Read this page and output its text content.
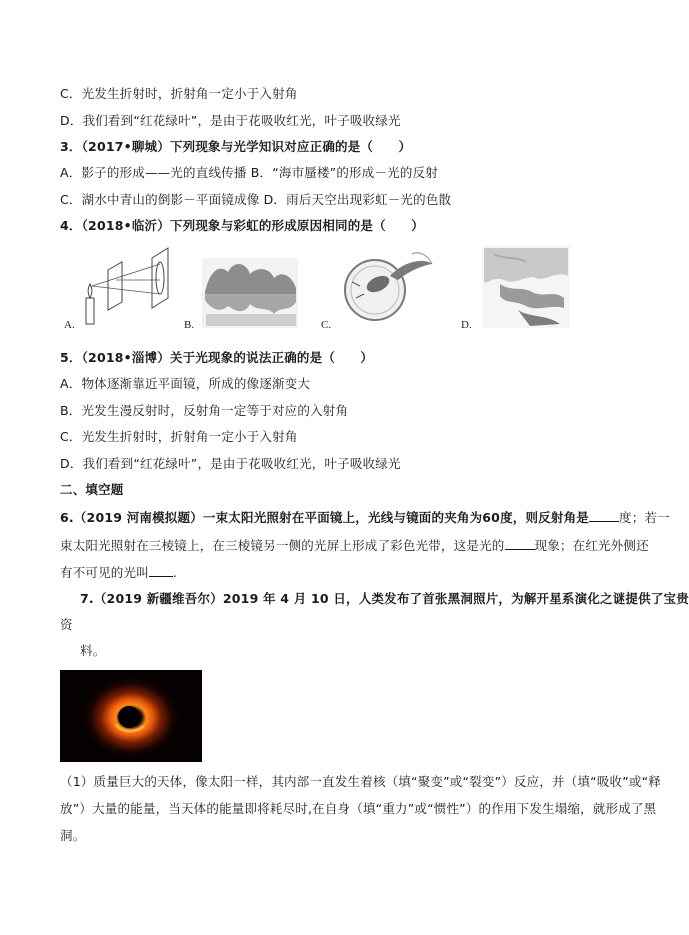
C．光发生折射时，折射角一定小于入射角
D．我们看到“红花绿叶”，是由于花吸收红光，叶子吸收绿光
3．（2017•聊城）下列现象与光学知识对应正确的是（　　）
A．影子的形成——光的直线传播 B．“海市蜃楼”的形成－光的反射
C．湖水中青山的倒影－平面镜成像 D．雨后天空出现彩虹－光的色散
4．（2018•临沂）下列现象与彩虹的形成原因相同的是（　　）
A.	B.	C.	D.
5．（2018•淄博）关于光现象的说法正确的是（　　）
A．物体逐渐靠近平面镜，所成的像逐渐变大
B．光发生漫反射时，反射角一定等于对应的入射角
C．光发生折射时，折射角一定小于入射角
D．我们看到“红花绿叶”，是由于花吸收红光，叶子吸收绿光
二、填空题
6.（2019 河南模拟题）一束太阳光照射在平面镜上，光线与镜面的夹角为60度，则反射角是 度；若一
束太阳光照射在三棱镜上，在三棱镜另一侧的光屏上形成了彩色光带，这是光的 现象；在红光外侧还
有不可见的光叫 .
7.（2019 新疆维吾尔）2019 年 4 月 10 日，人类发布了首张黑洞照片，为解开星系演化之谜提供了宝贵
资
料。
（1）质量巨大的天体，像太阳一样，其内部一直发生着核（填“聚变”或“裂变”）反应，并（填“吸收”或“释
放”）大量的能量，当天体的能量即将耗尽时,在自身（填“重力”或“惯性”）的作用下发生塌缩，就形成了黑
洞。
